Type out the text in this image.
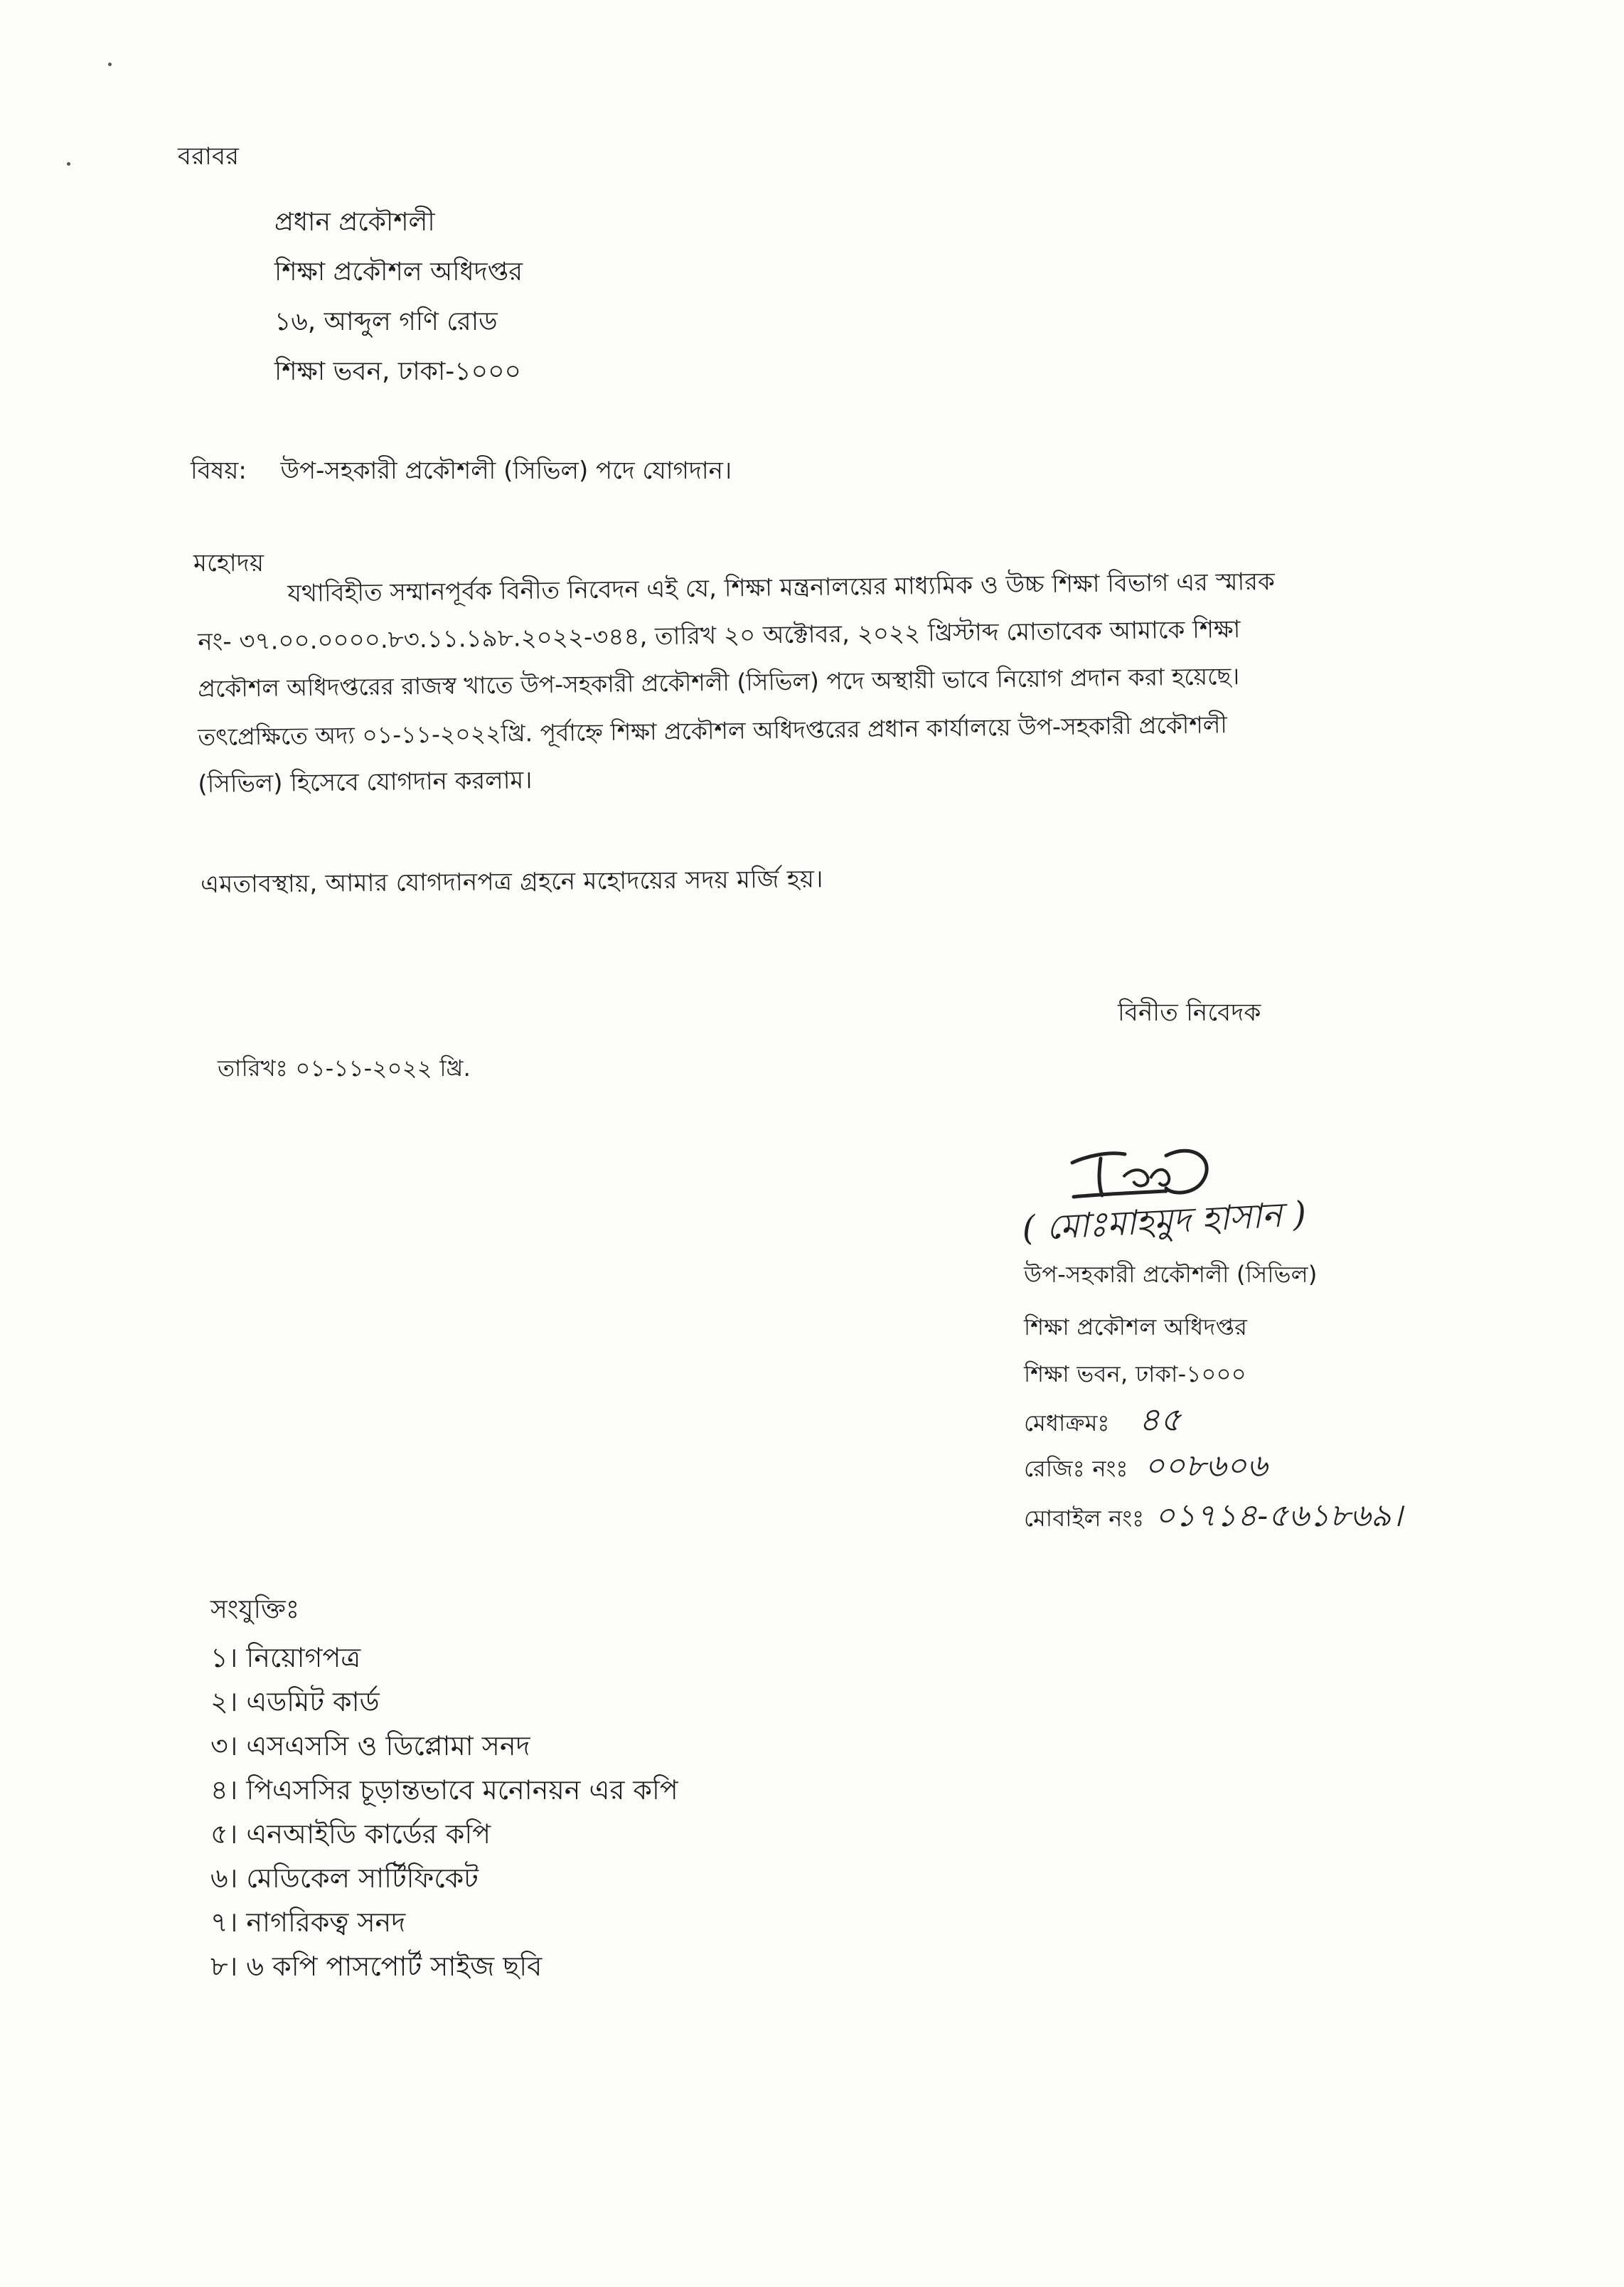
বরাবর
প্রধান প্রকৌশলী
শিক্ষা প্রকৌশল অধিদপ্তর
১৬, আব্দুল গণি রোড
শিক্ষা ভবন, ঢাকা-১০০০
বিষয়: উপ-সহকারী প্রকৌশলী (সিভিল) পদে যোগদান।
মহোদয়
যথাবিহীত সম্মানপূর্বক বিনীত নিবেদন এই যে, শিক্ষা মন্ত্রনালয়ের মাধ্যমিক ও উচ্চ শিক্ষা বিভাগ এর স্মারক
নং- ৩৭.০০.০০০০.৮৩.১১.১৯৮.২০২২-৩৪৪, তারিখ ২০ অক্টোবর, ২০২২ খ্রিস্টাব্দ মোতাবেক আমাকে শিক্ষা
প্রকৌশল অধিদপ্তরের রাজস্ব খাতে উপ-সহকারী প্রকৌশলী (সিভিল) পদে অস্থায়ী ভাবে নিয়োগ প্রদান করা হয়েছে।
তৎপ্রেক্ষিতে অদ্য ০১-১১-২০২২খ্রি. পূর্বাহ্নে শিক্ষা প্রকৌশল অধিদপ্তরের প্রধান কার্যালয়ে উপ-সহকারী প্রকৌশলী
(সিভিল) হিসেবে যোগদান করলাম।
এমতাবস্থায়, আমার যোগদানপত্র গ্রহনে মহোদয়ের সদয় মর্জি হয়।
বিনীত নিবেদক
তারিখঃ ০১-১১-২০২২ খ্রি.
( মোঃমাহমুদ হাসান )
উপ-সহকারী প্রকৌশলী (সিভিল)
শিক্ষা প্রকৌশল অধিদপ্তর
শিক্ষা ভবন, ঢাকা-১০০০
মেধাক্রমঃ ৪৫
রেজিঃ নংঃ ০০৮৬০৬
মোবাইল নংঃ ০১৭১৪-৫৬১৮৬৯।
সংযুক্তিঃ
১। নিয়োগপত্র
২। এডমিট কার্ড
৩। এসএসসি ও ডিপ্লোমা সনদ
৪। পিএসসির চূড়ান্তভাবে মনোনয়ন এর কপি
৫। এনআইডি কার্ডের কপি
৬। মেডিকেল সার্টিফিকেট
৭। নাগরিকত্ব সনদ
৮। ৬ কপি পাসপোর্ট সাইজ ছবি
